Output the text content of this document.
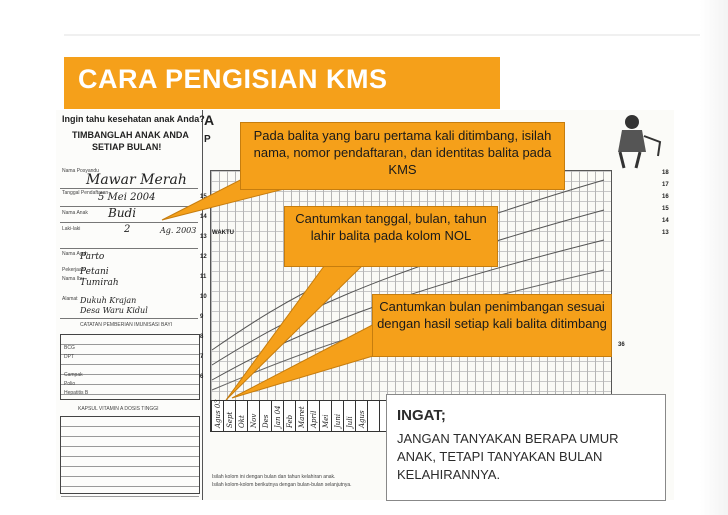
CARA PENGISIAN KMS
Ingin tahu kesehatan anak Anda?
TIMBANGLAH ANAK ANDA
SETIAP BULAN!
Nama Posyandu
Mawar Merah
Tanggal Pendaftaran
5 Mei 2004
Nama Anak Budi
Laki-laki	2	Ag. 2003
Nama Ayah
Parto
Pekerjaan
Petani
Nama Ibu
Tumirah
Alamat Dukuh Krajan
Desa Waru Kidul
CATATAN PEMBERIAN IMUNISASI BAYI
BCG
DPT
Campak
Polio
Hepatitis B
KAPSUL VITAMIN A DOSIS TINGGI
A
P
15
14
13
12
11
10
9
8
7
6
WAKTU
18
17
16
15
14
13
Agus 03 Sept Okt Nov Des Jan 04 Feb Maret April Mei Juni Juli Agus
36
Isilah kolom ini dengan bulan dan tahun kelahiran anak.
Isilah kolom-kolom berikutnya dengan bulan-bulan selanjutnya.
Pada balita yang baru pertama kali ditimbang, isilah nama, nomor pendaftaran, dan identitas balita pada KMS
Cantumkan tanggal, bulan, tahun lahir balita pada kolom NOL
Cantumkan bulan penimbangan sesuai dengan hasil setiap kali balita ditimbang
INGAT;
JANGAN TANYAKAN BERAPA UMUR
ANAK, TETAPI TANYAKAN BULAN
KELAHIRANNYA.
